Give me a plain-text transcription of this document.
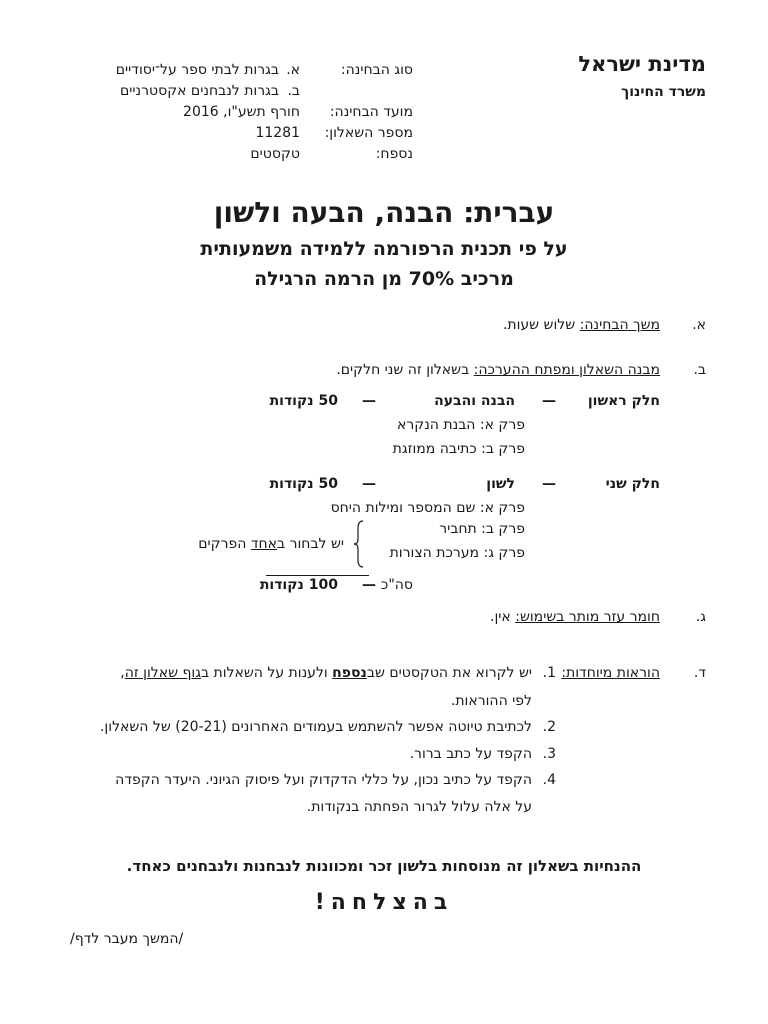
מדינת ישראל
משרד החינוך
סוג הבחינה:
א.
בגרות לבתי ספר על־יסודיים
ב.
בגרות לנבחנים אקסטרניים
מועד הבחינה:
חורף תשע"ו, 2016
מספר השאלון:
11281
נספח:
טקסטים
עברית: הבנה, הבעה ולשון
על פי תכנית הרפורמה ללמידה משמעותית
מרכיב 70% מן הרמה הרגילה
א.
משך הבחינה: שלוש שעות.
ב.
מבנה השאלון ומפתח ההערכה: בשאלון זה שני חלקים.
חלק ראשון
—
הבנה והבעה
—
50 נקודות
פרק א: הבנת הנקרא
פרק ב: כתיבה ממוזגת
חלק שני
—
לשון
—
50 נקודות
פרק א: שם המספר ומילות היחס
פרק ב: תחביר
פרק ג: מערכת הצורות
יש לבחור באחד הפרקים
סה"כ
—
100 נקודות
ג.
חומר עזר מותר בשימוש: אין.
ד.
הוראות מיוחדות:
1.
יש לקרוא את הטקסטים שבנספח ולענות על השאלות בגוף שאלון זה,
לפי ההוראות.
2.
לכתיבת טיוטה אפשר להשתמש בעמודים האחרונים (20-21) של השאלון.
3.
הקפד על כתב ברור.
4.
הקפד על כתיב נכון, על כללי הדקדוק ועל פיסוק הגיוני. היעדר הקפדה
על אלה עלול לגרור הפחתה בנקודות.
ההנחיות בשאלון זה מנוסחות בלשון זכר ומכוונות לנבחנות ולנבחנים כאחד.
בהצלחה!
/המשך מעבר לדף/
